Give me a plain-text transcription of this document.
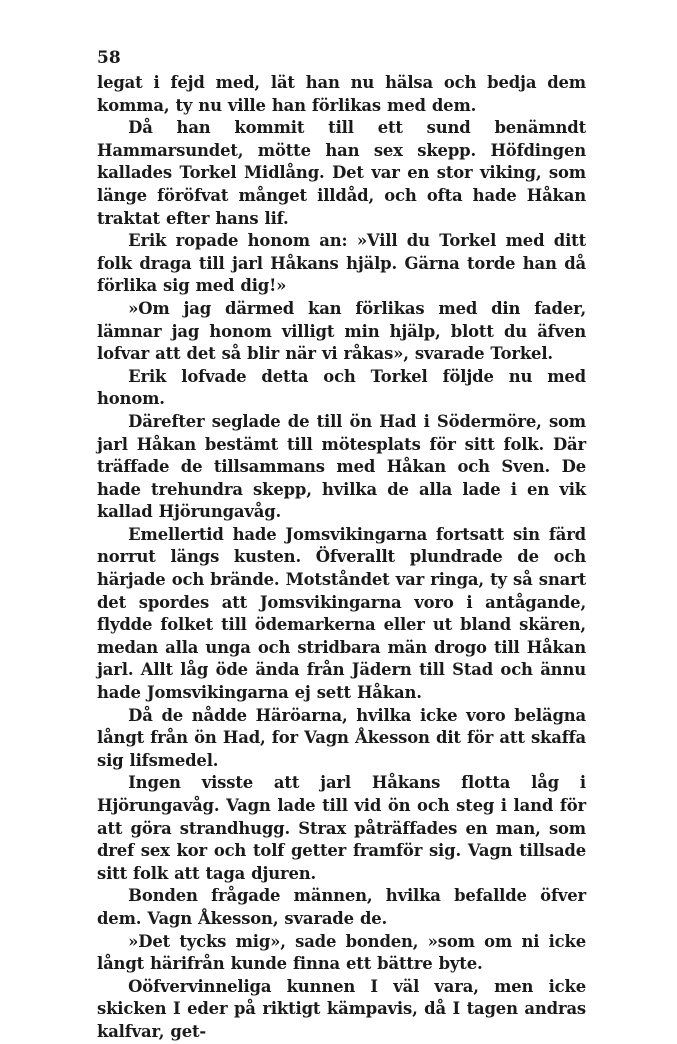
58

legat i fejd med, lät han nu hälsa och bedja dem komma, ty nu ville han förlikas med dem.

Då han kommit till ett sund benämndt Hammarsundet, mötte han sex skepp. Höfdingen kallades Torkel Midlång. Det var en stor viking, som länge föröfvat månget illdåd, och ofta hade Håkan traktat efter hans lif.

Erik ropade honom an: »Vill du Torkel med ditt folk draga till jarl Håkans hjälp. Gärna torde han då förlika sig med dig!»

»Om jag därmed kan förlikas med din fader, lämnar jag honom villigt min hjälp, blott du äfven lofvar att det så blir när vi råkas», svarade Torkel.

Erik lofvade detta och Torkel följde nu med honom.

Därefter seglade de till ön Had i Södermöre, som jarl Håkan bestämt till mötesplats för sitt folk. Där träffade de tillsammans med Håkan och Sven. De hade trehundra skepp, hvilka de alla lade i en vik kallad Hjörungavåg.

Emellertid hade Jomsvikingarna fortsatt sin färd norrut längs kusten. Öfverallt plundrade de och härjade och brände. Motståndet var ringa, ty så snart det spordes att Jomsvikingarna voro i antågande, flydde folket till ödemarkerna eller ut bland skären, medan alla unga och stridbara män drogo till Håkan jarl. Allt låg öde ända från Jädern till Stad och ännu hade Jomsvikingarna ej sett Håkan.

Då de nådde Häröarna, hvilka icke voro belägna långt från ön Had, for Vagn Åkesson dit för att skaffa sig lifsmedel.

Ingen visste att jarl Håkans flotta låg i Hjörungavåg. Vagn lade till vid ön och steg i land för att göra strandhugg. Strax påträffades en man, som dref sex kor och tolf getter framför sig. Vagn tillsade sitt folk att taga djuren.

Bonden frågade männen, hvilka befallde öfver dem. Vagn Åkesson, svarade de.

»Det tycks mig», sade bonden, »som om ni icke långt härifrån kunde finna ett bättre byte.

Oöfvervinneliga kunnen I väl vara, men icke skicken I eder på riktigt kämpavis, då I tagen andras kalfvar, get-
